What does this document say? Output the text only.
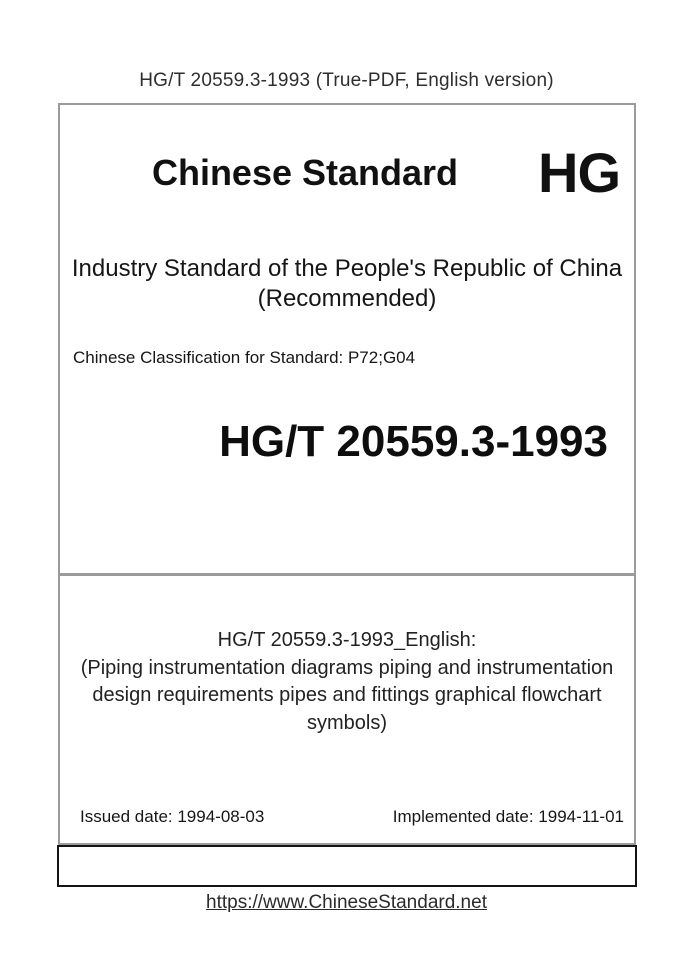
HG/T 20559.3-1993 (True-PDF, English version)
Chinese Standard	HG
Industry Standard of the People's Republic of China
(Recommended)
Chinese Classification for Standard: P72;G04
HG/T 20559.3-1993
HG/T 20559.3-1993_English:
(Piping instrumentation diagrams piping and instrumentation
design requirements pipes and fittings graphical flowchart
symbols)
Issued date: 1994-08-03	Implemented date: 1994-11-01
https://www.ChineseStandard.net
